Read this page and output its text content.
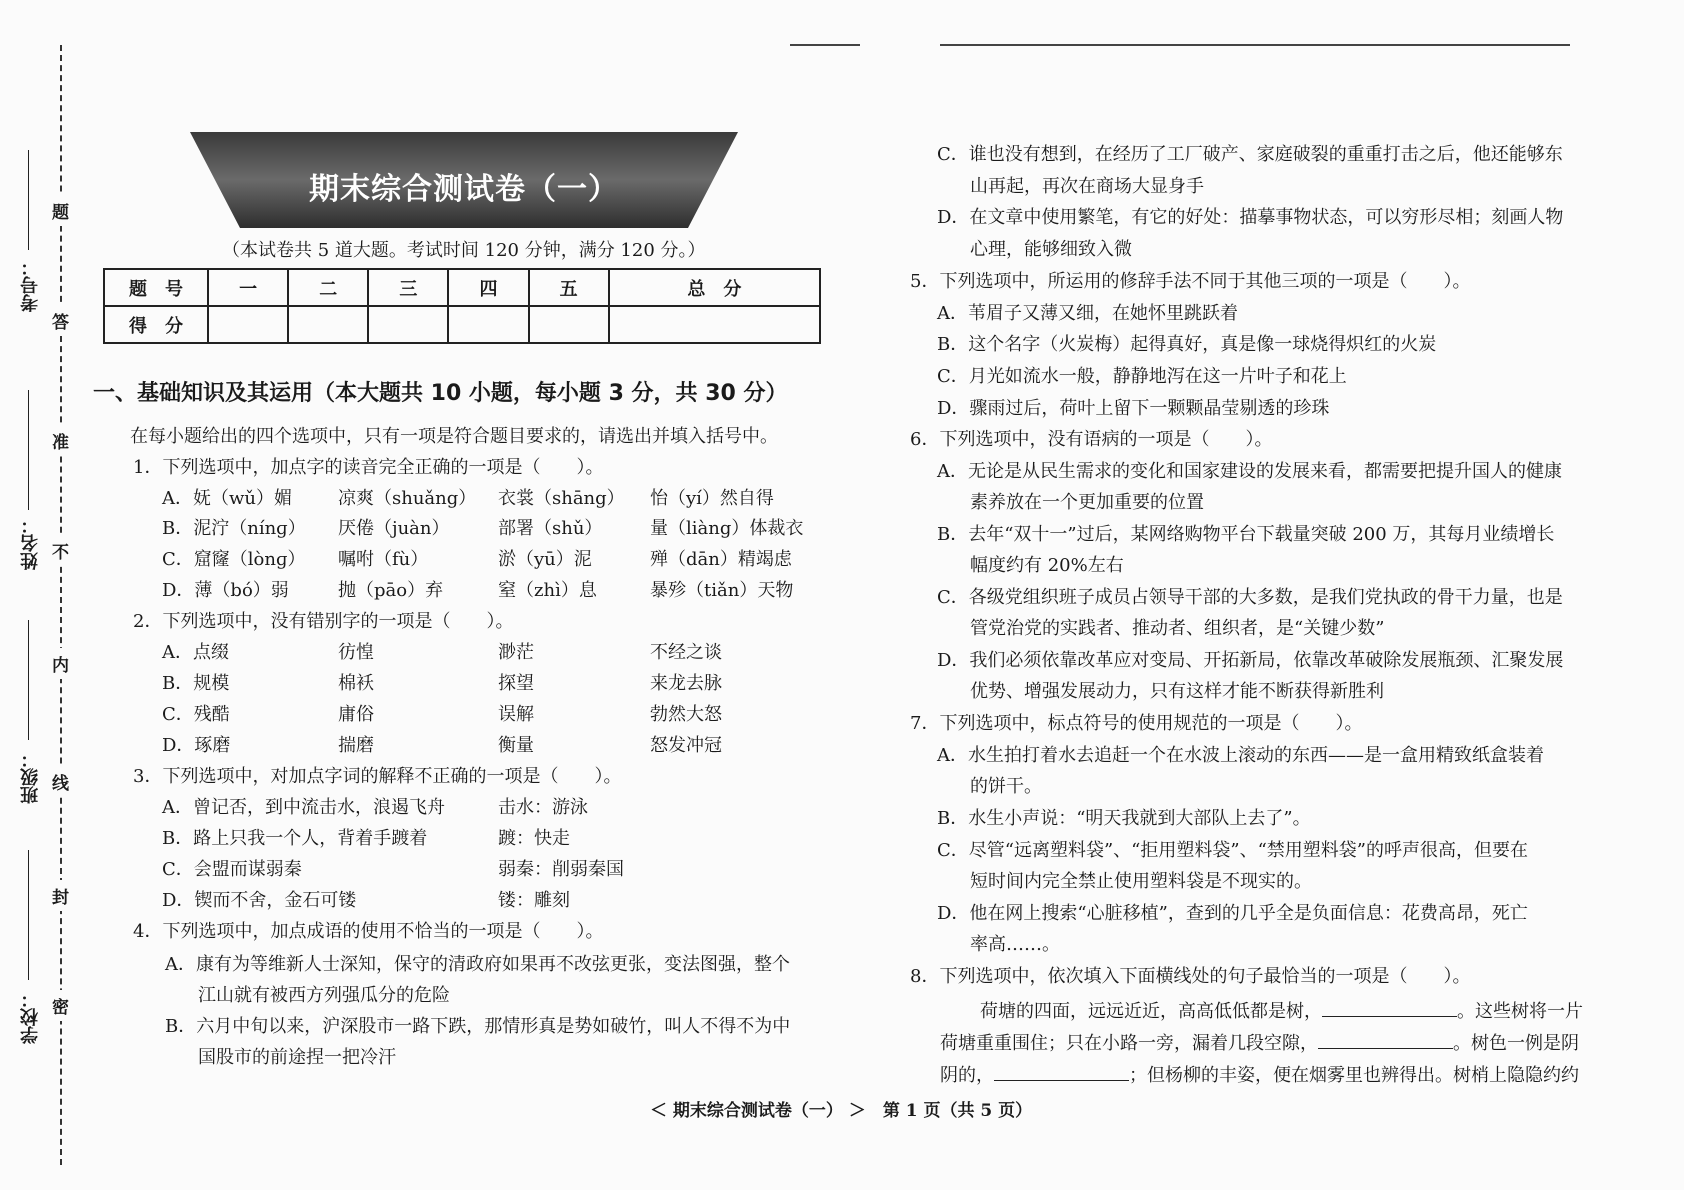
考号：
姓名：
班级：
学校：
题
答
准
不
内
线
封
密
期末综合测试卷（一）
（本试卷共 5 道大题。考试时间 120 分钟，满分 120 分。）
题　号	一	二	三	四	五	总　分
得　分						
一、基础知识及其运用（本大题共 10 小题，每小题 3 分，共 30 分）
在每小题给出的四个选项中，只有一项是符合题目要求的，请选出并填入括号中。
1．下列选项中，加点字的读音完全正确的一项是（　　）。
A．妩（wǔ）媚	凉爽（shuǎng） 衣裳（shāng） 怡（yí）然自得
B．泥泞（nínɡ） 厌倦（juàn）	部署（shǔ）	量（liàng）体裁衣
C．窟窿（lònɡ） 嘱咐（fù）	淤（yū）泥	殚（dān）精竭虑
D．薄（bó）弱	抛（pāo）弃	窒（zhì）息	暴殄（tiǎn）天物
2．下列选项中，没有错别字的一项是（　　）。
A．点缀	彷惶	渺茫	不经之谈
B．规模	棉袄	探望	来龙去脉
C．残酷	庸俗	误解	勃然大怒
D．琢磨	揣磨	衡量	怒发冲冠
3．下列选项中，对加点字词的解释不正确的一项是（　　）。
A．曾记否，到中流击水，浪遏飞舟	击水：游泳
B．路上只我一个人，背着手踱着	踱：快走
C．会盟而谋弱秦	弱秦：削弱秦国
D．锲而不舍，金石可镂	镂：雕刻
4．下列选项中，加点成语的使用不恰当的一项是（　　）。
A．康有为等维新人士深知，保守的清政府如果再不改弦更张，变法图强，整个
江山就有被西方列强瓜分的危险
B．六月中旬以来，沪深股市一路下跌，那情形真是势如破竹，叫人不得不为中
国股市的前途捏一把冷汗
C．谁也没有想到，在经历了工厂破产、家庭破裂的重重打击之后，他还能够东
山再起，再次在商场大显身手
D．在文章中使用繁笔，有它的好处：描摹事物状态，可以穷形尽相；刻画人物
心理，能够细致入微
5．下列选项中，所运用的修辞手法不同于其他三项的一项是（　　）。
A．苇眉子又薄又细，在她怀里跳跃着
B．这个名字（火炭梅）起得真好，真是像一球烧得炽红的火炭
C．月光如流水一般，静静地泻在这一片叶子和花上
D．骤雨过后，荷叶上留下一颗颗晶莹剔透的珍珠
6．下列选项中，没有语病的一项是（　　）。
A．无论是从民生需求的变化和国家建设的发展来看，都需要把提升国人的健康
素养放在一个更加重要的位置
B．去年“双十一”过后，某网络购物平台下载量突破 200 万，其每月业绩增长
幅度约有 20%左右
C．各级党组织班子成员占领导干部的大多数，是我们党执政的骨干力量，也是
管党治党的实践者、推动者、组织者，是“关键少数”
D．我们必须依靠改革应对变局、开拓新局，依靠改革破除发展瓶颈、汇聚发展
优势、增强发展动力，只有这样才能不断获得新胜利
7．下列选项中，标点符号的使用规范的一项是（　　）。
A．水生拍打着水去追赶一个在水波上滚动的东西——是一盒用精致纸盒装着
的饼干。
B．水生小声说：“明天我就到大部队上去了”。
C．尽管“远离塑料袋”、“拒用塑料袋”、“禁用塑料袋”的呼声很高，但要在
短时间内完全禁止使用塑料袋是不现实的。
D．他在网上搜索“心脏移植”，查到的几乎全是负面信息：花费高昂，死亡
率高……。
8．下列选项中，依次填入下面横线处的句子最恰当的一项是（　　）。
荷塘的四面，远远近近，高高低低都是树，	。这些树将一片
荷塘重重围住；只在小路一旁，漏着几段空隙，	。树色一例是阴
阴的，	；但杨柳的丰姿，便在烟雾里也辨得出。树梢上隐隐约约
＜ 期末综合测试卷（一） ＞　第 1 页（共 5 页）
